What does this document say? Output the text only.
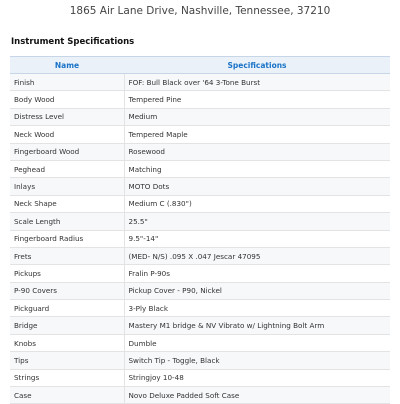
1865 Air Lane Drive, Nashville, Tennessee, 37210
Instrument Specifications
Name	Specifications
Finish	FOF: Bull Black over '64 3-Tone Burst
Body Wood	Tempered Pine
Distress Level	Medium
Neck Wood	Tempered Maple
Fingerboard Wood	Rosewood
Peghead	Matching
Inlays	MOTO Dots
Neck Shape	Medium C (.830")
Scale Length	25.5"
Fingerboard Radius	9.5"-14"
Frets	(MED- N/S) .095 X .047 Jescar 47095
Pickups	Fralin P-90s
P-90 Covers	Pickup Cover - P90, Nickel
Pickguard	3-Ply Black
Bridge	Mastery M1 bridge & NV Vibrato w/ Lightning Bolt Arm
Knobs	Dumble
Tips	Switch Tip - Toggle, Black
Strings	Stringjoy 10-48
Case	Novo Deluxe Padded Soft Case
